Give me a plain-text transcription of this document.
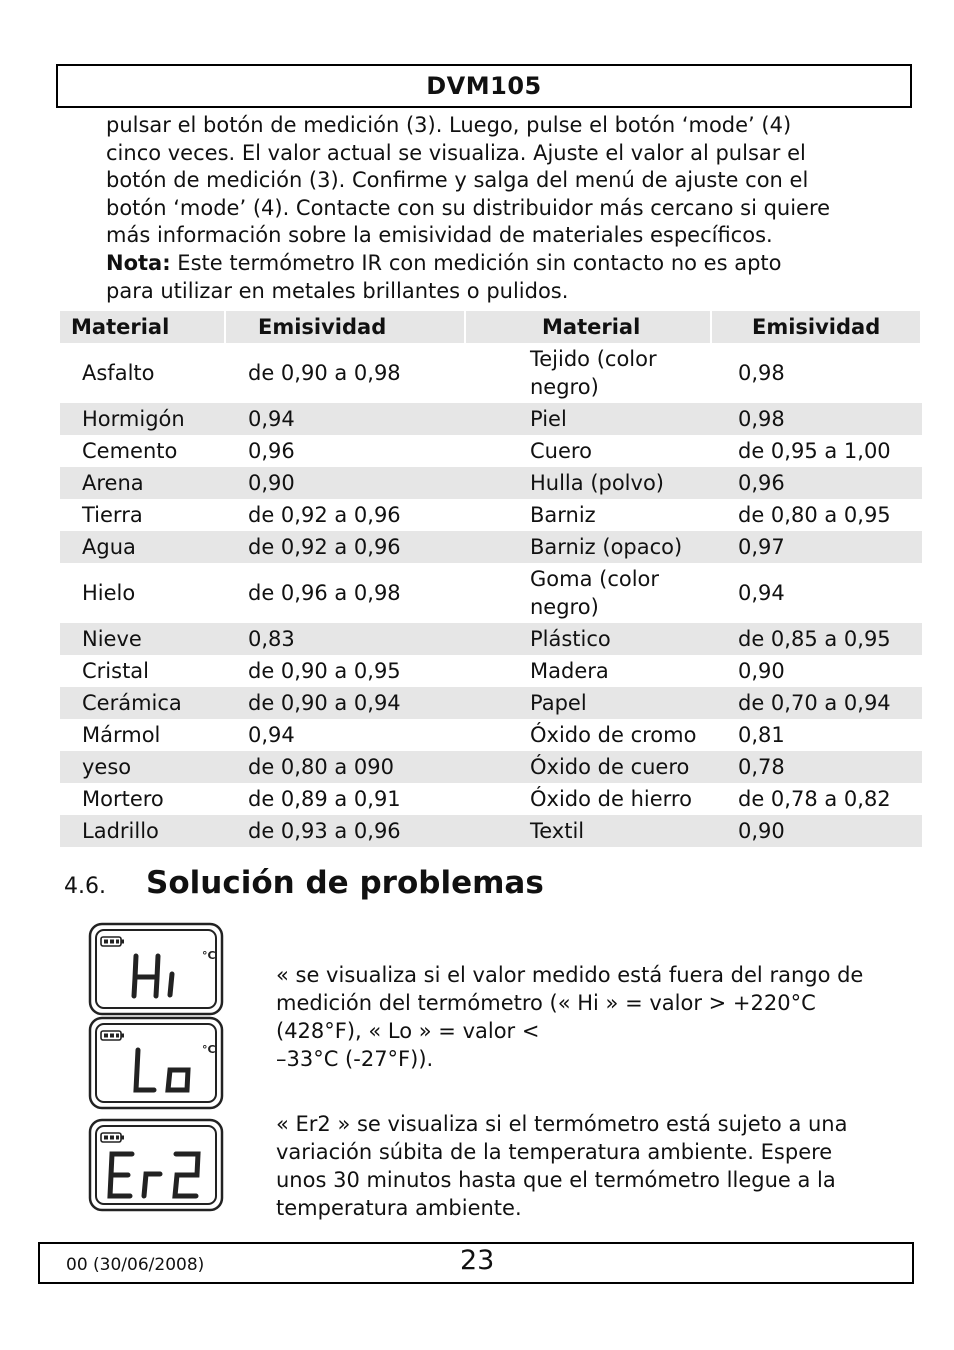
DVM105

pulsar el botón de medición (3). Luego, pulse el botón ‘mode’ (4)

cinco veces. El valor actual se visualiza. Ajuste el valor al pulsar el

botón de medición (3). Confirme y salga del menú de ajuste con el

botón ‘mode’ (4). Contacte con su distribuidor más cercano si quiere

más información sobre la emisividad de materiales específicos.

Nota: Este termómetro IR con medición sin contacto no es apto

para utilizar en metales brillantes o pulidos.

Material	Emisividad	Material	Emisividad
Asfalto	de 0,90 a 0,98	Tejido (color negro)	0,98
Hormigón	0,94	Piel	0,98
Cemento	0,96	Cuero	de 0,95 a 1,00
Arena	0,90	Hulla (polvo)	0,96
Tierra	de 0,92 a 0,96	Barniz	de 0,80 a 0,95
Agua	de 0,92 a 0,96	Barniz (opaco)	0,97
Hielo	de 0,96 a 0,98	Goma (color negro)	0,94
Nieve	0,83	Plástico	de 0,85 a 0,95
Cristal	de 0,90 a 0,95	Madera	0,90
Cerámica	de 0,90 a 0,94	Papel	de 0,70 a 0,94
Mármol	0,94	Óxido de cromo	0,81
yeso	de 0,80 a 090	Óxido de cuero	0,78
Mortero	de 0,89 a 0,91	Óxido de hierro	de 0,78 a 0,82
Ladrillo	de 0,93 a 0,96	Textil	0,90
4.6. Solución de problemas
°C
°C

« se visualiza si el valor medido está fuera del rango de

medición del termómetro (« Hi » = valor > +220°C

(428°F), « Lo » = valor <

–33°C (-27°F)).

« Er2 » se visualiza si el termómetro está sujeto a una

variación súbita de la temperatura ambiente. Espere

unos 30 minutos hasta que el termómetro llegue a la

temperatura ambiente.

00 (30/06/2008)	23
